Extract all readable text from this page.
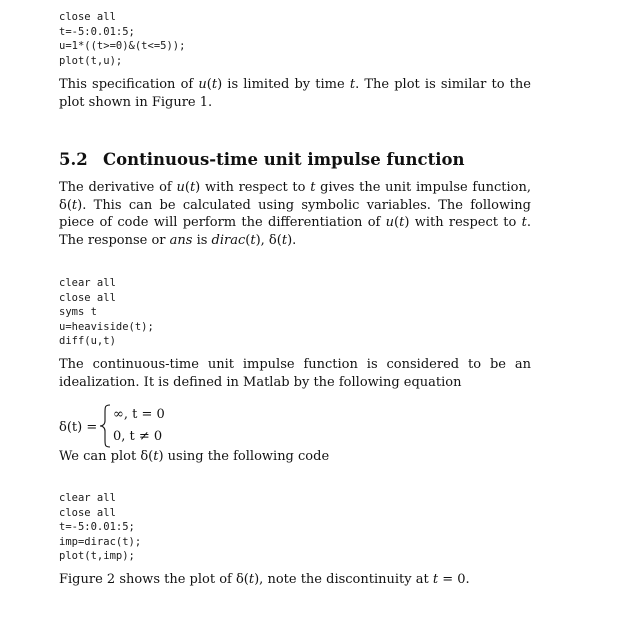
close all
t=-5:0.01:5;
u=1*((t>=0)&(t<=5));
plot(t,u);

This specification of u(t) is limited by time t. The plot is similar to the plot shown in Figure 1.

5.2 Continuous-time unit impulse function

The derivative of u(t) with respect to t gives the unit impulse function, δ(t). This can be calculated using symbolic variables. The following piece of code will perform the differentiation of u(t) with respect to t. The response or ans is dirac(t), δ(t).

clear all
close all
syms t
u=heaviside(t);
diff(u,t)

The continuous-time unit impulse function is considered to be an idealization. It is defined in Matlab by the following equation

δ(t) =
∞, t = 0
0, t ≠ 0

We can plot δ(t) using the following code

clear all
close all
t=-5:0.01:5;
imp=dirac(t);
plot(t,imp);

Figure 2 shows the plot of δ(t), note the discontinuity at t = 0.
